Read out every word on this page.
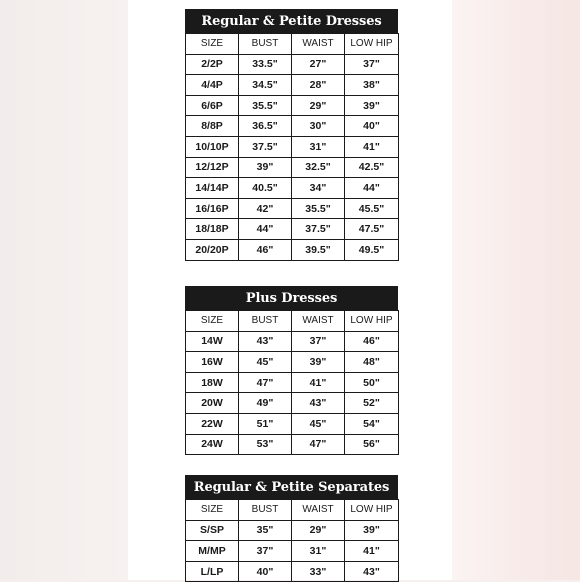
Regular & Petite Dresses
SIZE	BUST	WAIST	LOW HIP
2/2P	33.5"	27"	37"
4/4P	34.5"	28"	38"
6/6P	35.5"	29"	39"
8/8P	36.5"	30"	40"
10/10P	37.5"	31"	41"
12/12P	39"	32.5"	42.5"
14/14P	40.5"	34"	44"
16/16P	42"	35.5"	45.5"
18/18P	44"	37.5"	47.5"
20/20P	46"	39.5"	49.5"
Plus Dresses
SIZE	BUST	WAIST	LOW HIP
14W	43"	37"	46"
16W	45"	39"	48"
18W	47"	41"	50"
20W	49"	43"	52"
22W	51"	45"	54"
24W	53"	47"	56"
Regular & Petite Separates
SIZE	BUST	WAIST	LOW HIP
S/SP	35"	29"	39"
M/MP	37"	31"	41"
L/LP	40"	33"	43"
